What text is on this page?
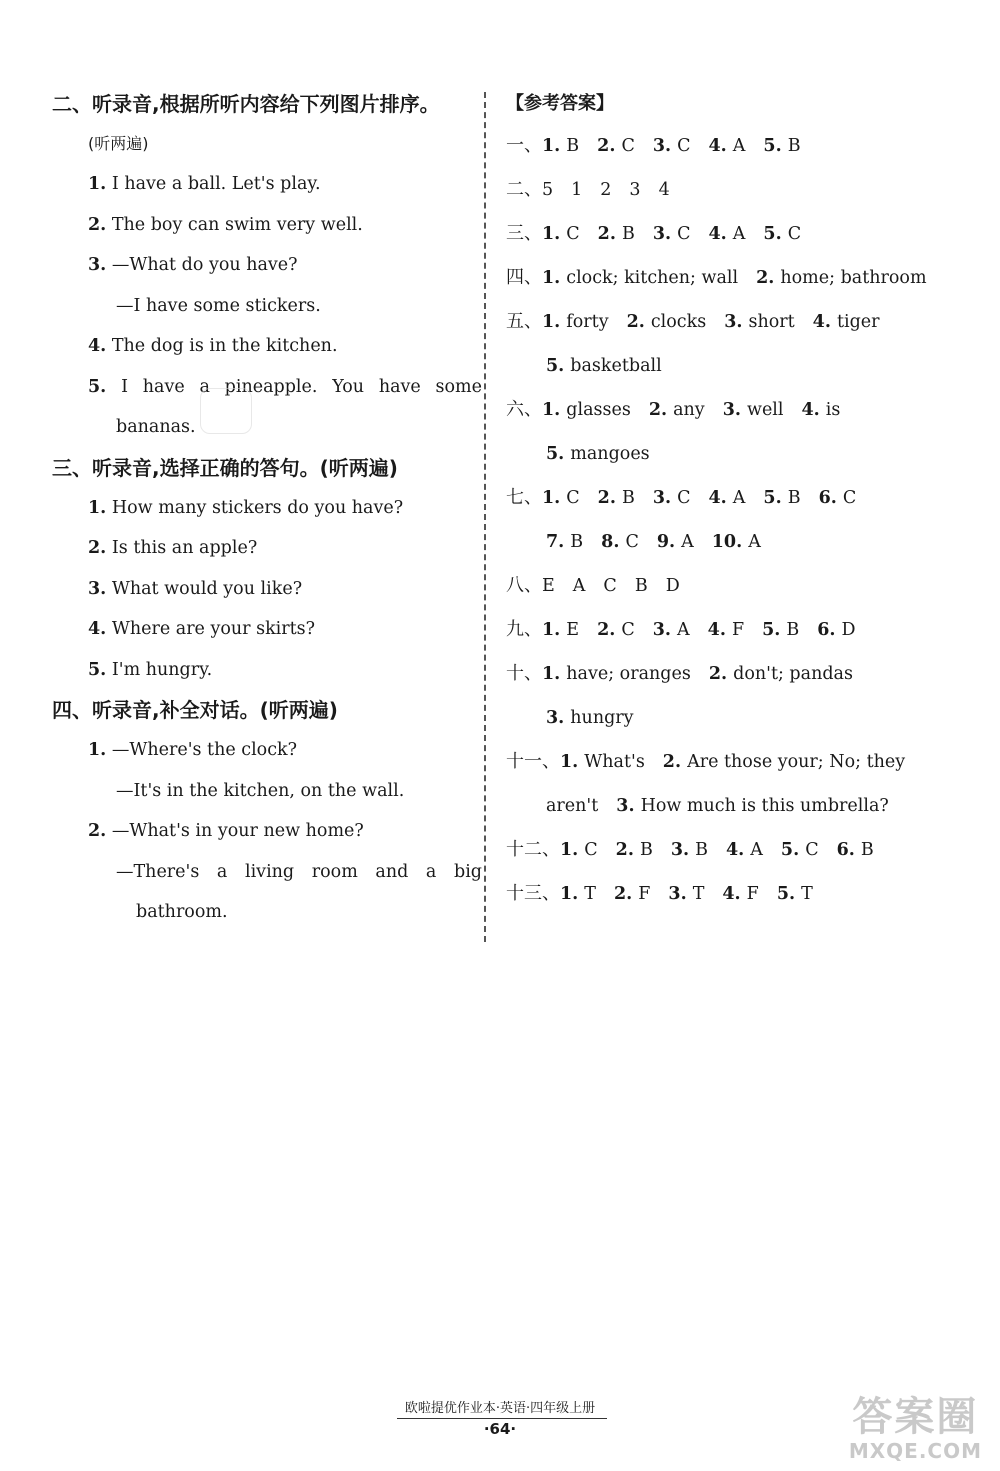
二、听录音,根据所听内容给下列图片排序。
(听两遍)
1. I have a ball. Let's play.
2. The boy can swim very well.
3. —What do you have?
—I have some stickers.
4. The dog is in the kitchen.
5. I have a pineapple. You have some
bananas.
三、听录音,选择正确的答句。(听两遍)
1. How many stickers do you have?
2. Is this an apple?
3. What would you like?
4. Where are your skirts?
5. I'm hungry.
四、听录音,补全对话。(听两遍)
1. —Where's the clock?
—It's in the kitchen, on the wall.
2. —What's in your new home?
—There's a living room and a big
bathroom.
【参考答案】
一、1. B 2. C 3. C 4. A 5. B
二、5 1 2 3 4
三、1. C 2. B 3. C 4. A 5. C
四、1. clock; kitchen; wall 2. home; bathroom
五、1. forty 2. clocks 3. short 4. tiger
5. basketball
六、1. glasses 2. any 3. well 4. is
5. mangoes
七、1. C 2. B 3. C 4. A 5. B 6. C
7. B 8. C 9. A 10. A
八、E A C B D
九、1. E 2. C 3. A 4. F 5. B 6. D
十、1. have; oranges 2. don't; pandas
3. hungry
十一、1. What's 2. Are those your; No; they
aren't 3. How much is this umbrella?
十二、1. C 2. B 3. B 4. A 5. C 6. B
十三、1. T 2. F 3. T 4. F 5. T
欧啦提优作业本·英语·四年级上册
·64·	答案圈
MXQE.COM
